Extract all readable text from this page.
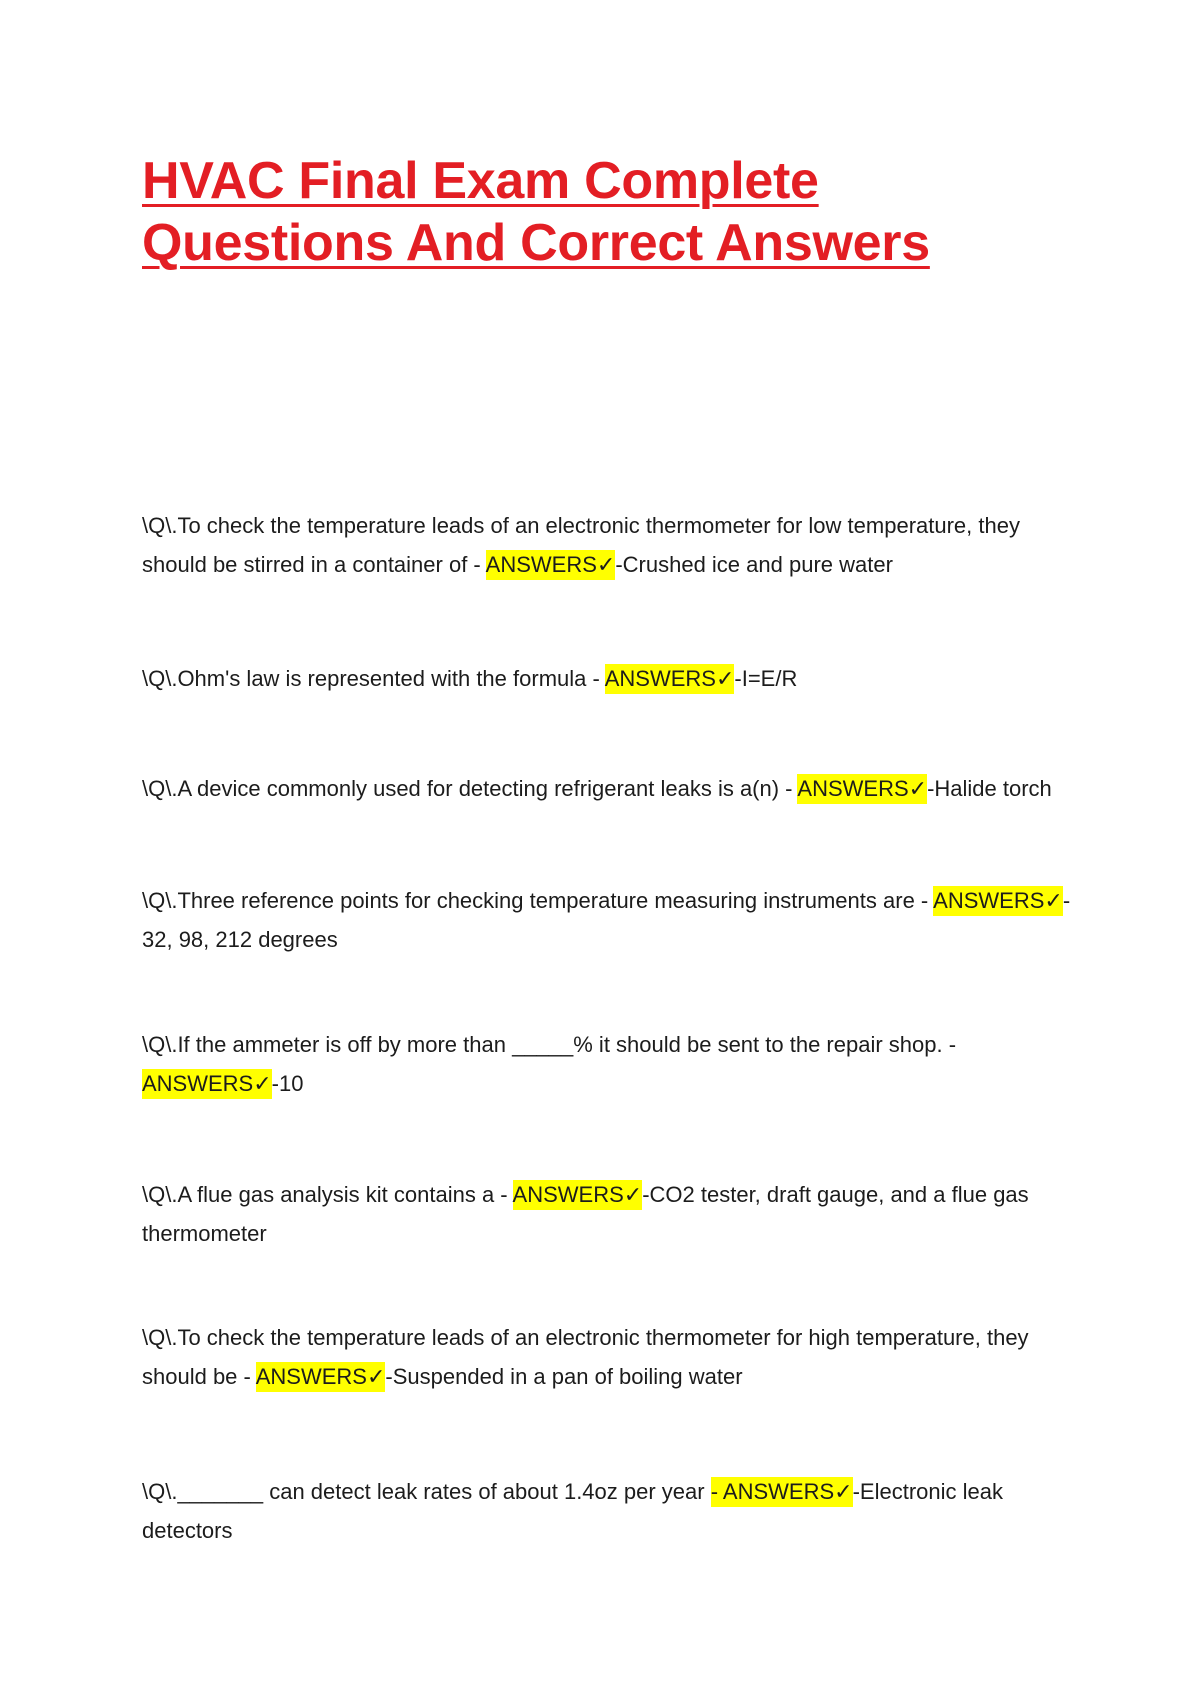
HVAC Final Exam Complete Questions And Correct Answers

\Q\.To check the temperature leads of an electronic thermometer for low temperature, they should be stirred in a container of - ANSWERS✓-Crushed ice and pure water

\Q\.Ohm's law is represented with the formula - ANSWERS✓-I=E/R

\Q\.A device commonly used for detecting refrigerant leaks is a(n) - ANSWERS✓-Halide torch

\Q\.Three reference points for checking temperature measuring instruments are - ANSWERS✓- 32, 98, 212 degrees

\Q\.If the ammeter is off by more than _____% it should be sent to the repair shop. - ANSWERS✓-10

\Q\.A flue gas analysis kit contains a - ANSWERS✓-CO2 tester, draft gauge, and a flue gas thermometer

\Q\.To check the temperature leads of an electronic thermometer for high temperature, they should be - ANSWERS✓-Suspended in a pan of boiling water

\Q\._______ can detect leak rates of about 1.4oz per year - ANSWERS✓-Electronic leak detectors
